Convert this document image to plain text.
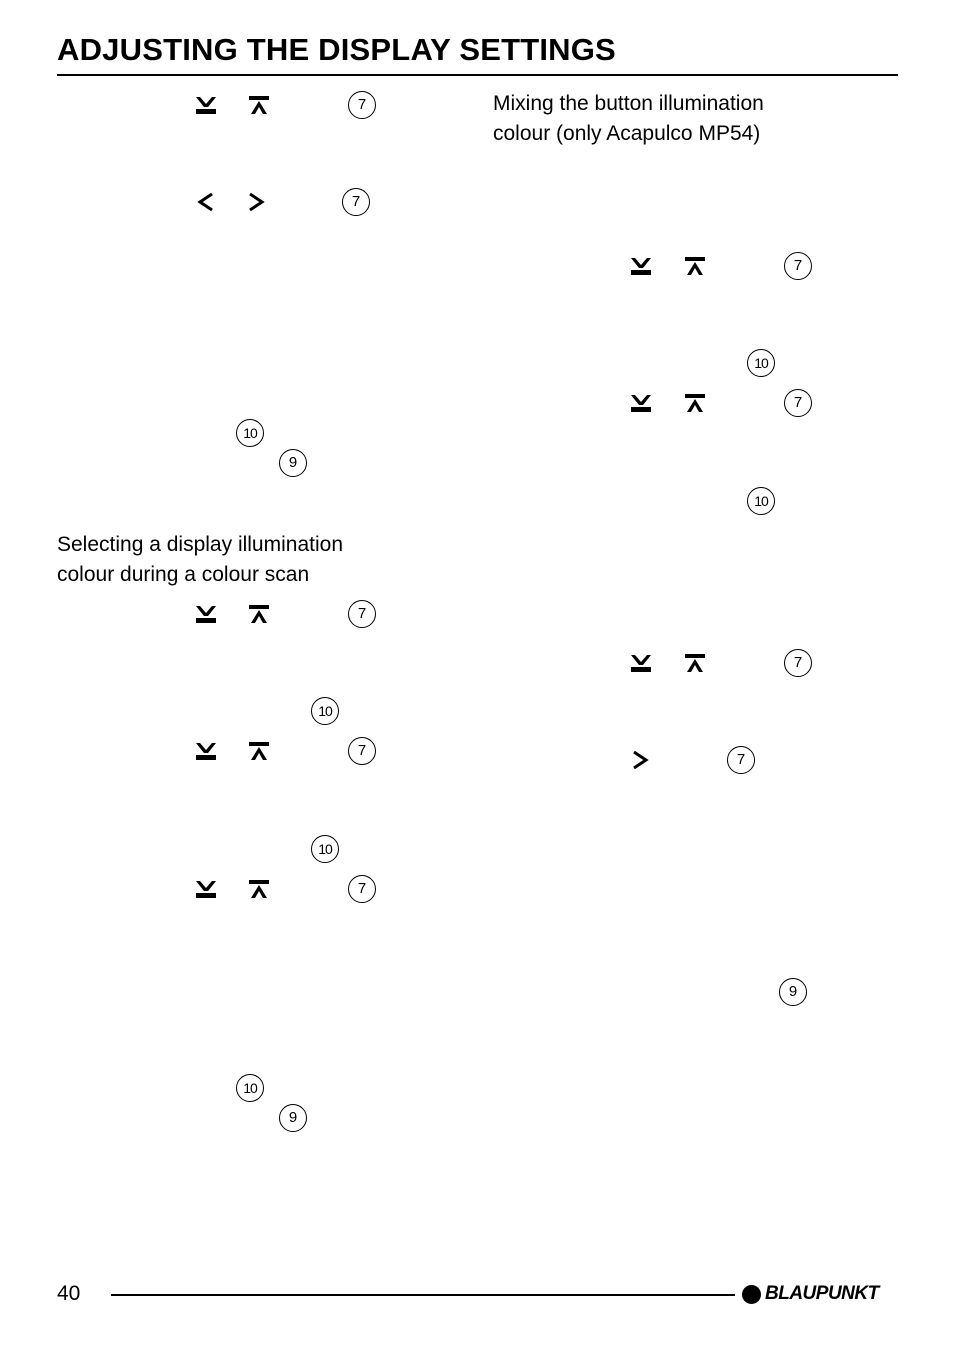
ADJUSTING THE DISPLAY SETTINGS

Mixing the button illumination

colour (only Acapulco MP54)

7
7
10
9

Selecting a display illumination

colour during a colour scan

7
10
7
10
7
10
9
7
10
7
10
7
7
9
40	BLAUPUNKT
